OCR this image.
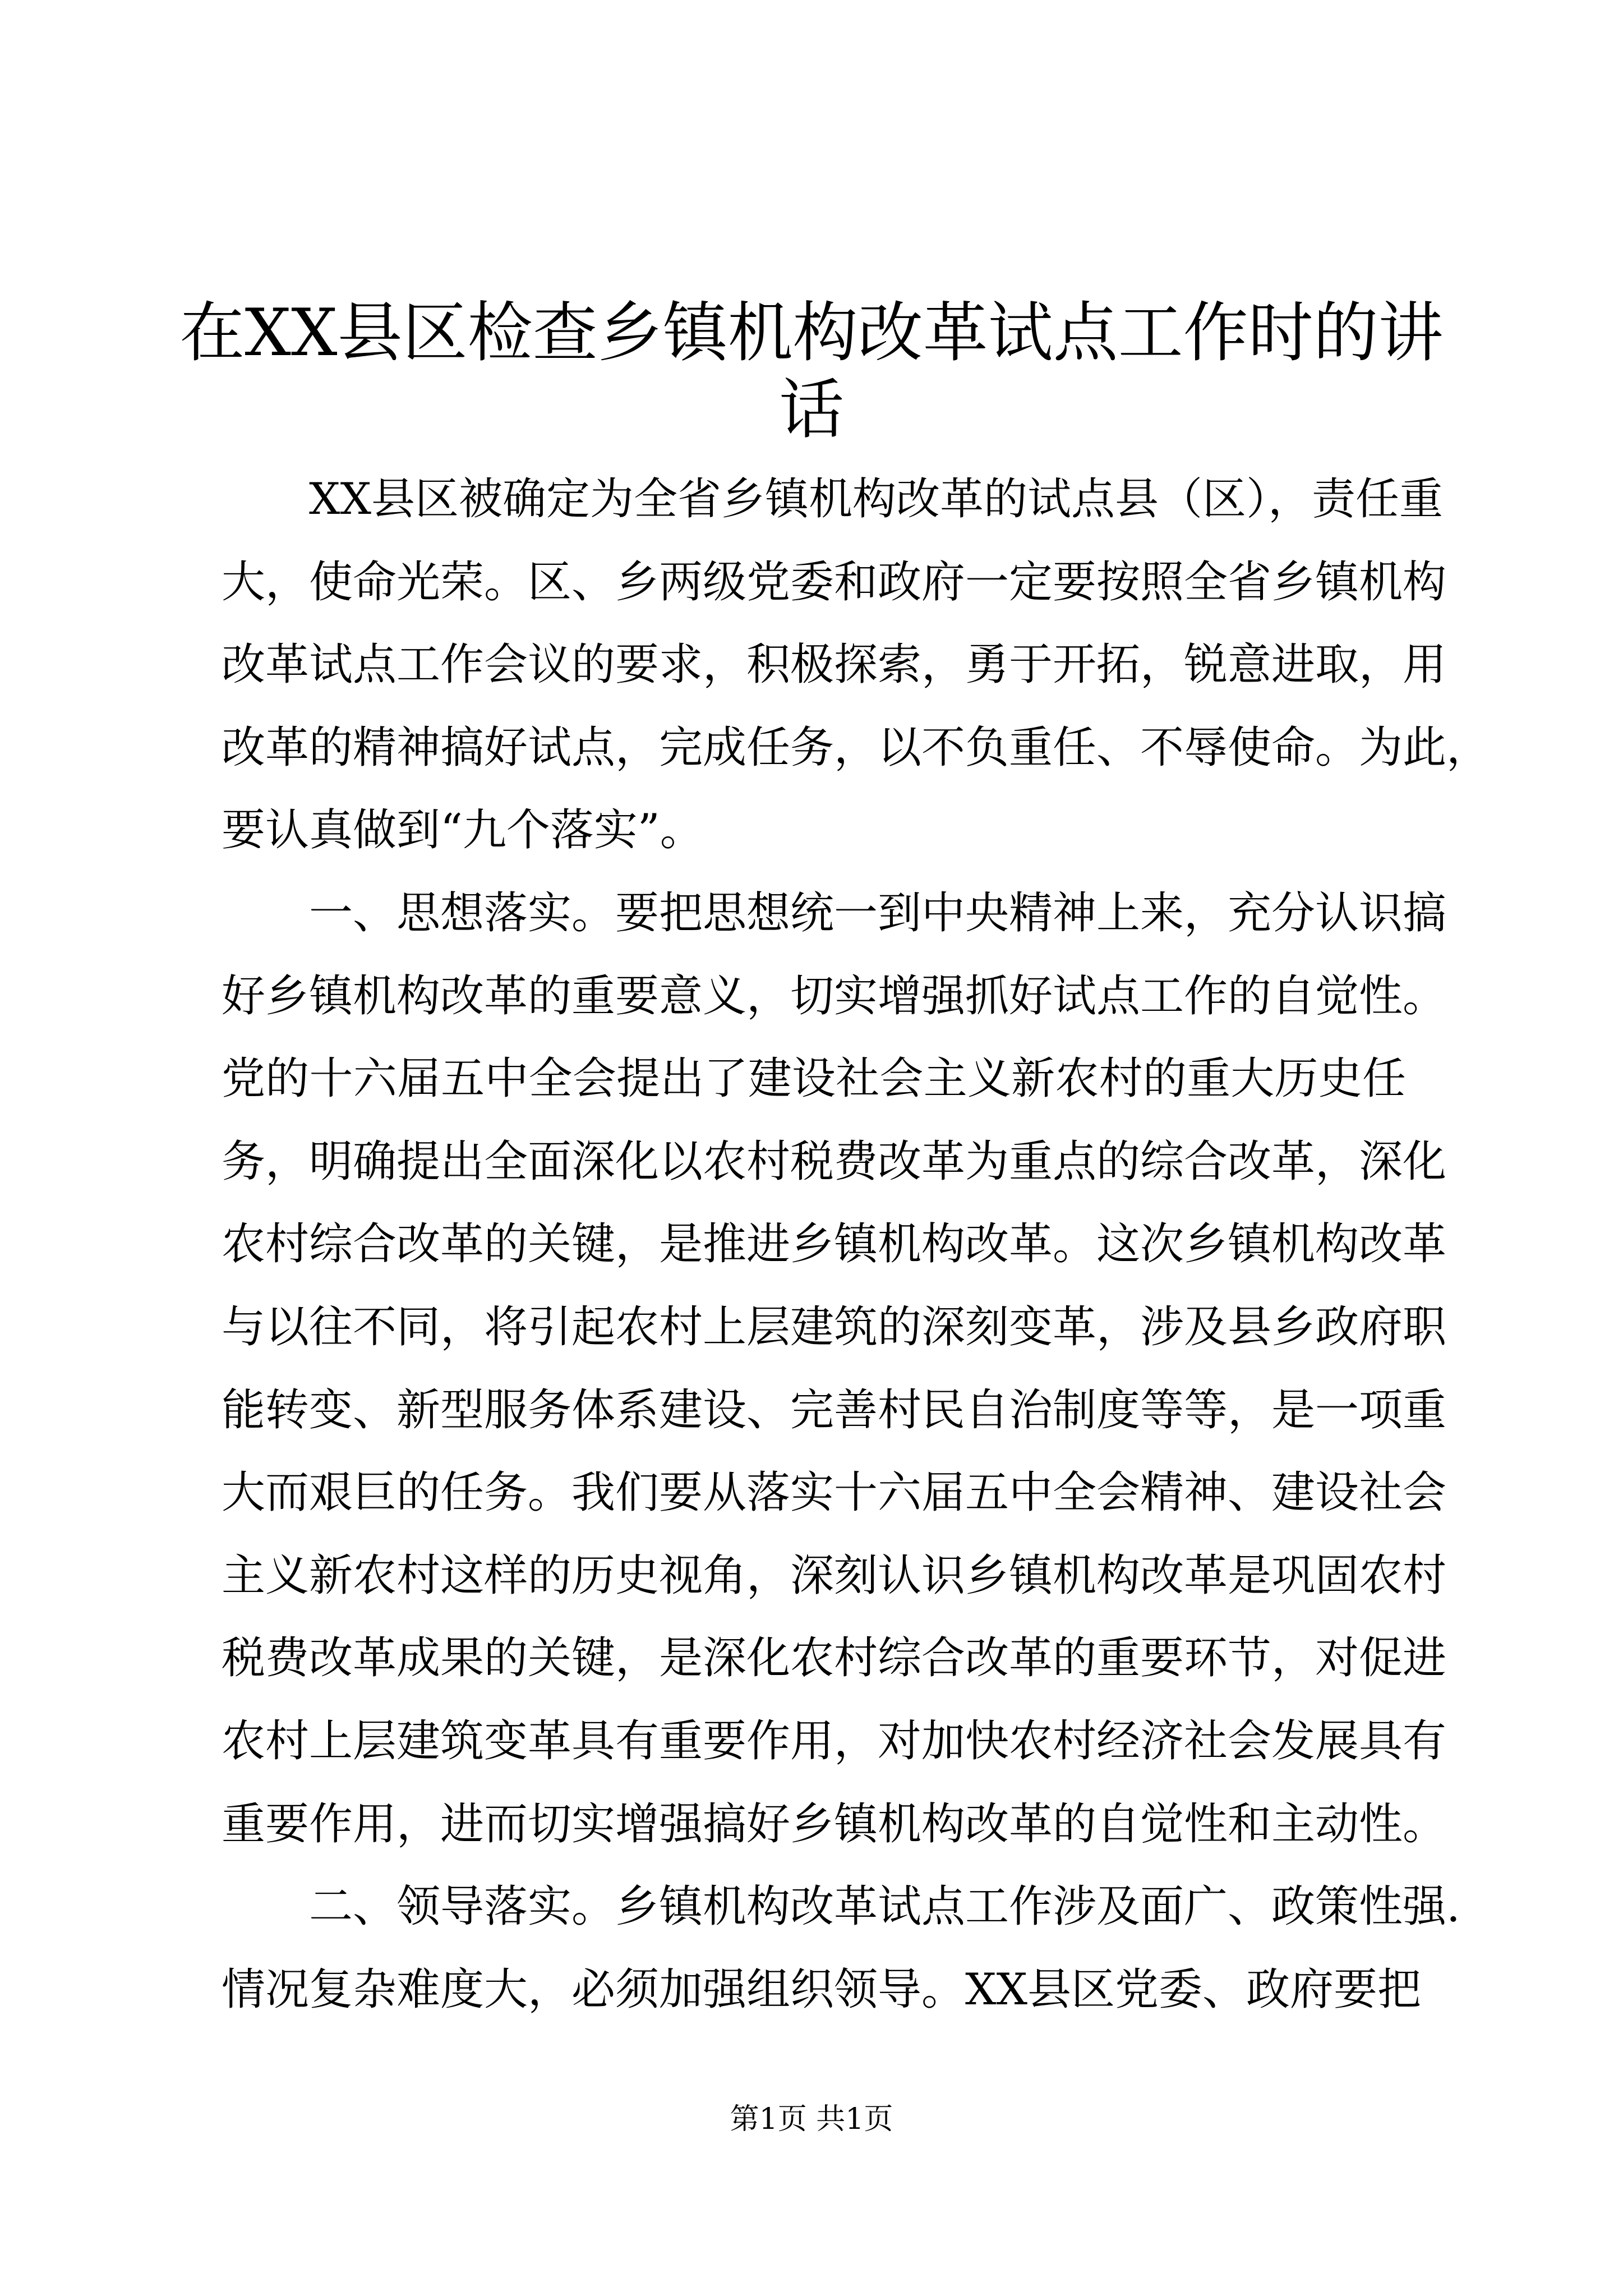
在XX县区检查乡镇机构改革试点工作时的讲
话
XX县区被确定为全省乡镇机构改革的试点县（区），责任重
大，使命光荣。区、乡两级党委和政府一定要按照全省乡镇机构
改革试点工作会议的要求，积极探索，勇于开拓，锐意进取，用
改革的精神搞好试点，完成任务，以不负重任、不辱使命。为此，
要认真做到“九个落实”。
一、思想落实。要把思想统一到中央精神上来，充分认识搞
好乡镇机构改革的重要意义，切实增强抓好试点工作的自觉性。
党的十六届五中全会提出了建设社会主义新农村的重大历史任
务，明确提出全面深化以农村税费改革为重点的综合改革，深化
农村综合改革的关键，是推进乡镇机构改革。这次乡镇机构改革
与以往不同，将引起农村上层建筑的深刻变革，涉及县乡政府职
能转变、新型服务体系建设、完善村民自治制度等等，是一项重
大而艰巨的任务。我们要从落实十六届五中全会精神、建设社会
主义新农村这样的历史视角，深刻认识乡镇机构改革是巩固农村
税费改革成果的关键，是深化农村综合改革的重要环节，对促进
农村上层建筑变革具有重要作用，对加快农村经济社会发展具有
重要作用，进而切实增强搞好乡镇机构改革的自觉性和主动性。
二、领导落实。乡镇机构改革试点工作涉及面广、政策性强.
情况复杂难度大，必须加强组织领导。XX县区党委、政府要把
第1页 共1页
